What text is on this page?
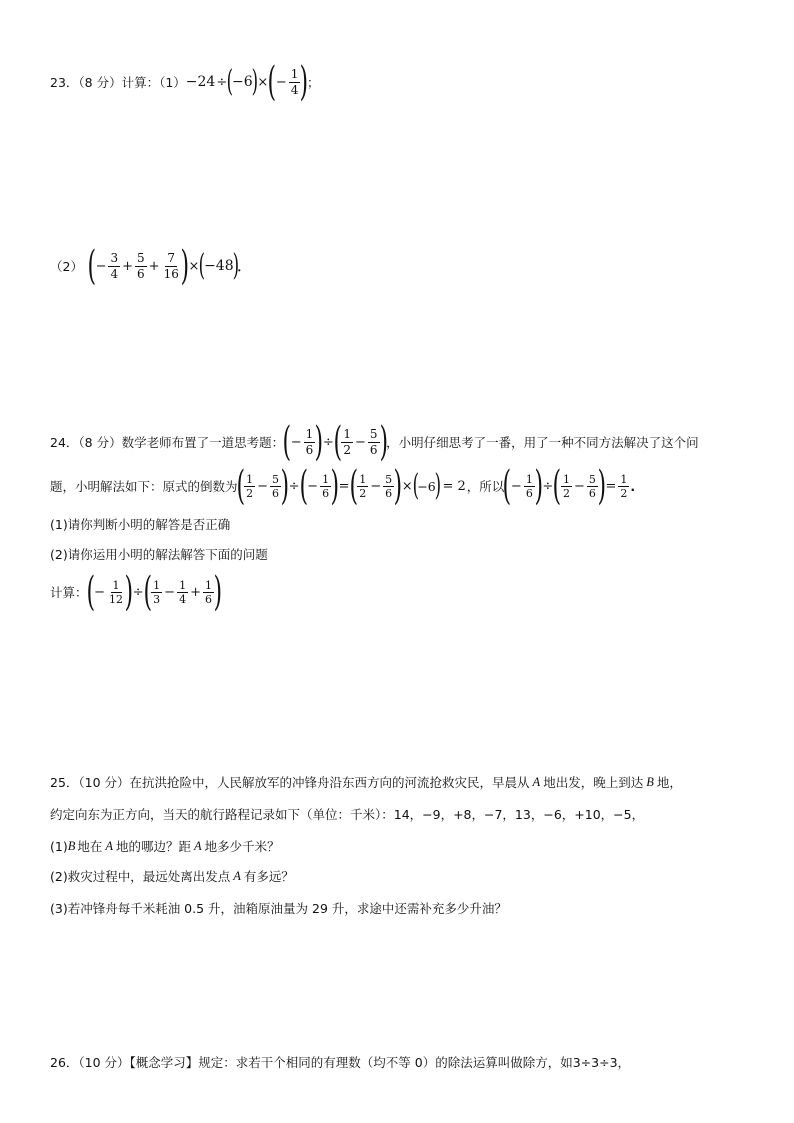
23．（8 分）计算：（1） −24 ÷ (
−6
) × ( − $\frac{1}{4}$ )
；
（2） ( − $\frac{3}{4} + \frac{5}{6} + \frac{7}{16}$ ) × (
−48
)
．
24．（8 分）数学老师布置了一道思考题：
( − $\frac{1}{6}$ ) ÷ ( $\frac{1}{2} - \frac{5}{6}$ )
，小明仔细思考了一番，用了一种不同方法解决了这个问
题，小明解法如下：原式的倒数为
( $\frac{1}{2} - \frac{5}{6}$ ) ÷ ( − $\frac{1}{6}$ ) = ( $\frac{1}{2} - \frac{5}{6}$ ) × (
−6
) = 2 ，所以
( − $\frac{1}{6}$ ) ÷ ( $\frac{1}{2} - \frac{5}{6}$ ) = $\frac{1}{2}$ .
(1)请你判断小明的解答是否正确
(2)请你运用小明的解法解答下面的问题
计算：
( − $\frac{1}{12}$ ) ÷ ( $\frac{1}{3} - \frac{1}{4} + \frac{1}{6}$ )
25．（10 分）在抗洪抢险中，人民解放军的冲锋舟沿东西方向的河流抢救灾民，早晨从 A 地出发，晚上到达 B 地，
约定向东为正方向，当天的航行路程记录如下（单位：千米）：14，−9，+8，−7，13，−6，+10，−5，
(1) B 地在 A 地的哪边？距 A 地多少千米？
(2)救灾过程中，最远处离出发点 A 有多远？
(3)若冲锋舟每千米耗油 0.5 升，油箱原油量为 29 升，求途中还需补充多少升油？
26．（10 分）【概念学习】规定：求若干个相同的有理数（均不等 0）的除法运算叫做除方，如3÷3÷3，
